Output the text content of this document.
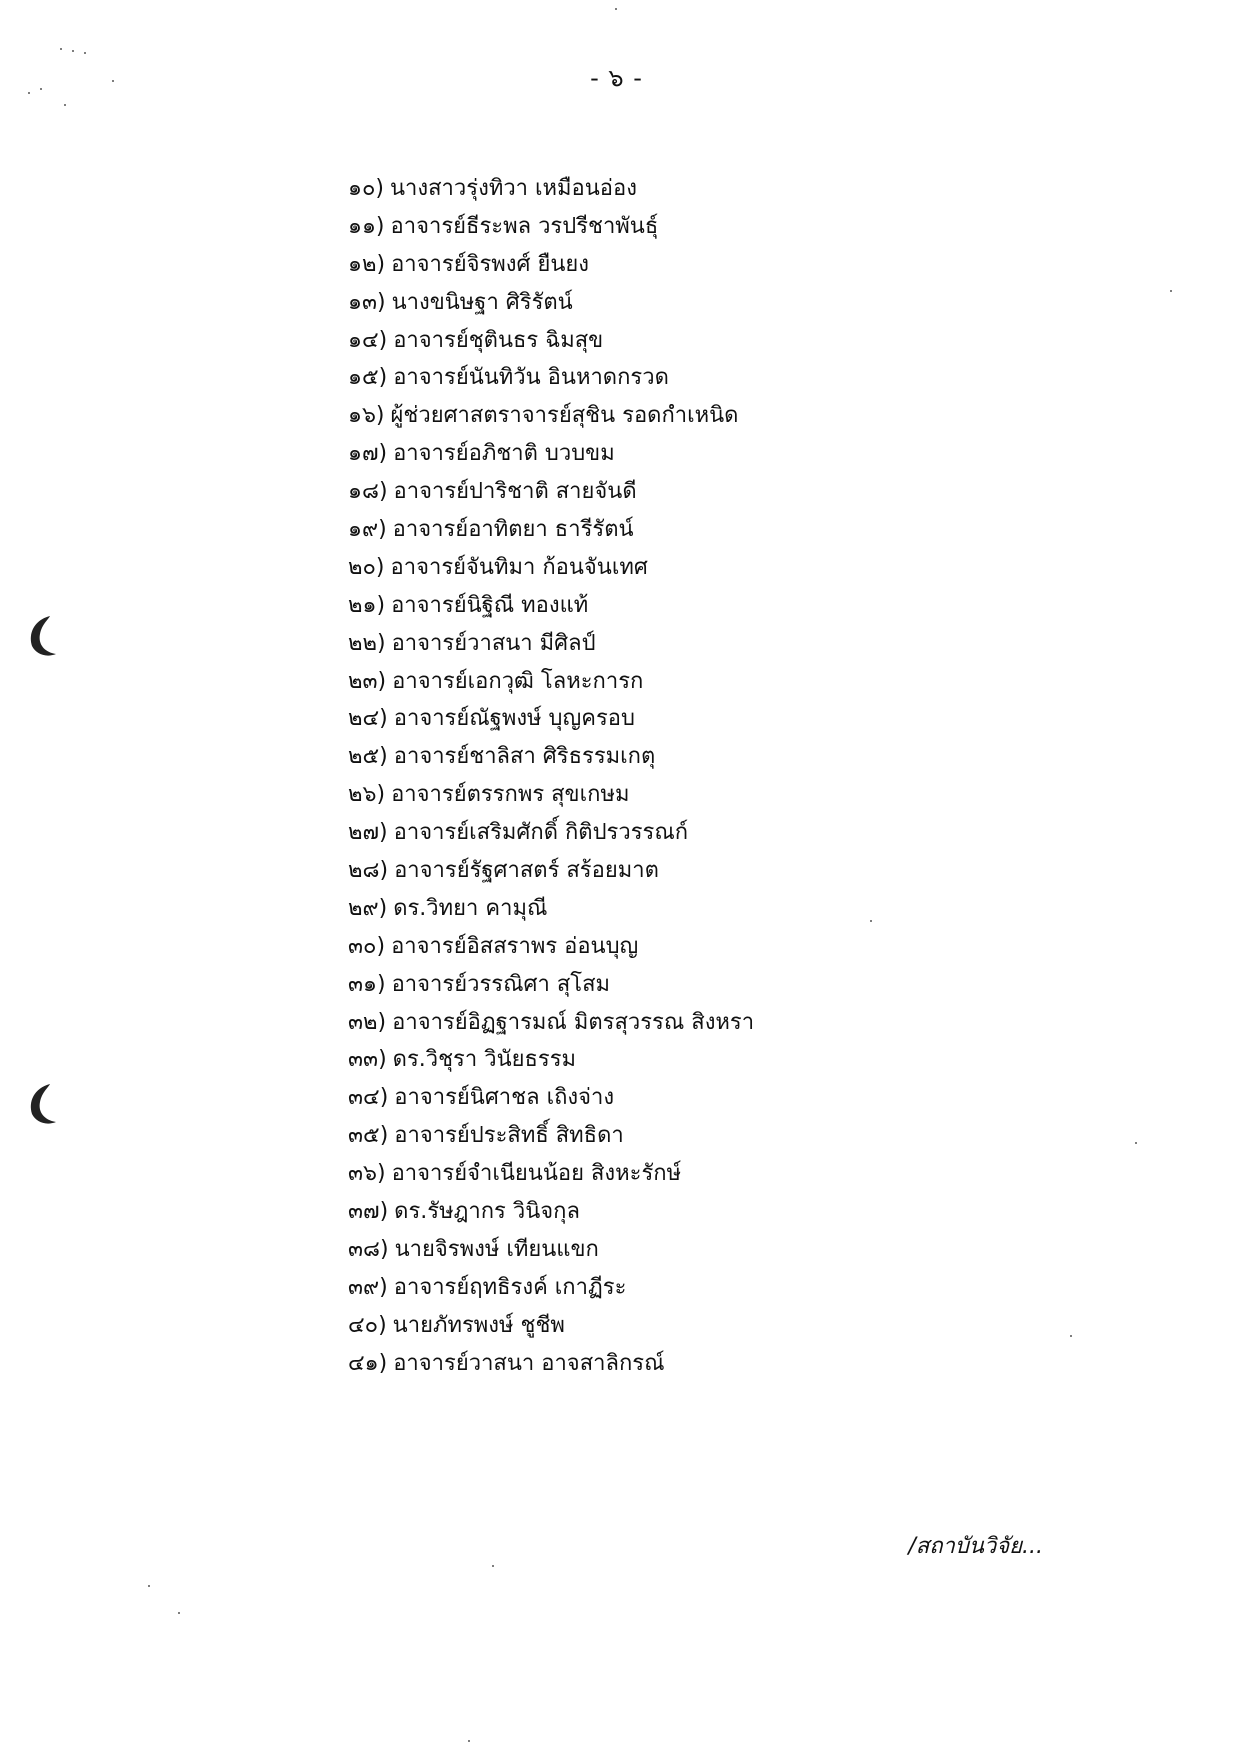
- ๖ -
๑๐) นางสาวรุ่งทิวา เหมือนอ่อง
๑๑) อาจารย์ธีระพล วรปรีชาพันธุ์
๑๒) อาจารย์จิรพงศ์ ยืนยง
๑๓) นางขนิษฐา ศิริรัตน์
๑๔) อาจารย์ชุตินธร ฉิมสุข
๑๕) อาจารย์นันทิวัน อินหาดกรวด
๑๖) ผู้ช่วยศาสตราจารย์สุชิน รอดกำเหนิด
๑๗) อาจารย์อภิชาติ บวบขม
๑๘) อาจารย์ปาริชาติ สายจันดี
๑๙) อาจารย์อาทิตยา ธารีรัตน์
๒๐) อาจารย์จันทิมา ก้อนจันเทศ
๒๑) อาจารย์นิฐิณี ทองแท้
๒๒) อาจารย์วาสนา มีศิลป์
๒๓) อาจารย์เอกวุฒิ โลหะการก
๒๔) อาจารย์ณัฐพงษ์ บุญครอบ
๒๕) อาจารย์ชาลิสา ศิริธรรมเกตุ
๒๖) อาจารย์ตรรกพร สุขเกษม
๒๗) อาจารย์เสริมศักดิ์ กิติปรวรรณก์
๒๘) อาจารย์รัฐศาสตร์ สร้อยมาต
๒๙) ดร.วิทยา คามุณี
๓๐) อาจารย์อิสสราพร อ่อนบุญ
๓๑) อาจารย์วรรณิศา สุโสม
๓๒) อาจารย์อิฏฐารมณ์ มิตรสุวรรณ สิงหรา
๓๓) ดร.วิชุรา วินัยธรรม
๓๔) อาจารย์นิศาชล เถิงจ่าง
๓๕) อาจารย์ประสิทธิ์ สิทธิดา
๓๖) อาจารย์จำเนียนน้อย สิงหะรักษ์
๓๗) ดร.รัษฎากร วินิจกุล
๓๘) นายจิรพงษ์ เทียนแขก
๓๙) อาจารย์ฤทธิรงค์ เกาฏีระ
๔๐) นายภัทรพงษ์ ชูชีพ
๔๑) อาจารย์วาสนา อาจสาลิกรณ์
/สถาบันวิจัย...
